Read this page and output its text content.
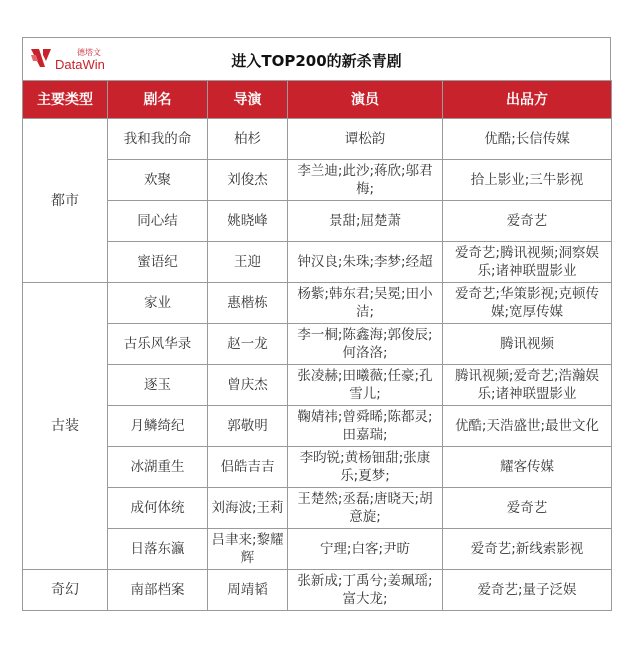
德塔文
DataWin	进入TOP200的新杀青剧
主要类型	剧名	导演	演员	出品方
都市	我和我的命	柏杉	谭松韵	优酷;长信传媒
	欢聚	刘俊杰	李兰迪;此沙;蒋欣;邬君梅;	拾上影业;三牛影视
	同心结	姚晓峰	景甜;屈楚萧	爱奇艺
	蜜语纪	王迎	钟汉良;朱珠;李梦;经超	爱奇艺;腾讯视频;洞察娱乐;诸神联盟影业
古装	家业	惠楷栋	杨紫;韩东君;吴冕;田小洁;	爱奇艺;华策影视;克顿传媒;宽厚传媒
	古乐风华录	赵一龙	李一桐;陈鑫海;郭俊辰;何洛洛;	腾讯视频
	逐玉	曾庆杰	张凌赫;田曦薇;任豪;孔雪儿;	腾讯视频;爱奇艺;浩瀚娱乐;诸神联盟影业
	月鳞绮纪	郭敬明	鞠婧祎;曾舜晞;陈都灵;田嘉瑞;	优酷;天浩盛世;最世文化
	冰湖重生	侣皓吉吉	李昀锐;黄杨钿甜;张康乐;夏梦;	耀客传媒
	成何体统	刘海波;王莉	王楚然;丞磊;唐晓天;胡意旋;	爱奇艺
	日落东瀛	吕聿来;黎耀辉	宁理;白客;尹昉	爱奇艺;新线索影视
奇幻	南部档案	周靖韬	张新成;丁禹兮;姜珮瑶;富大龙;	爱奇艺;量子泛娱
